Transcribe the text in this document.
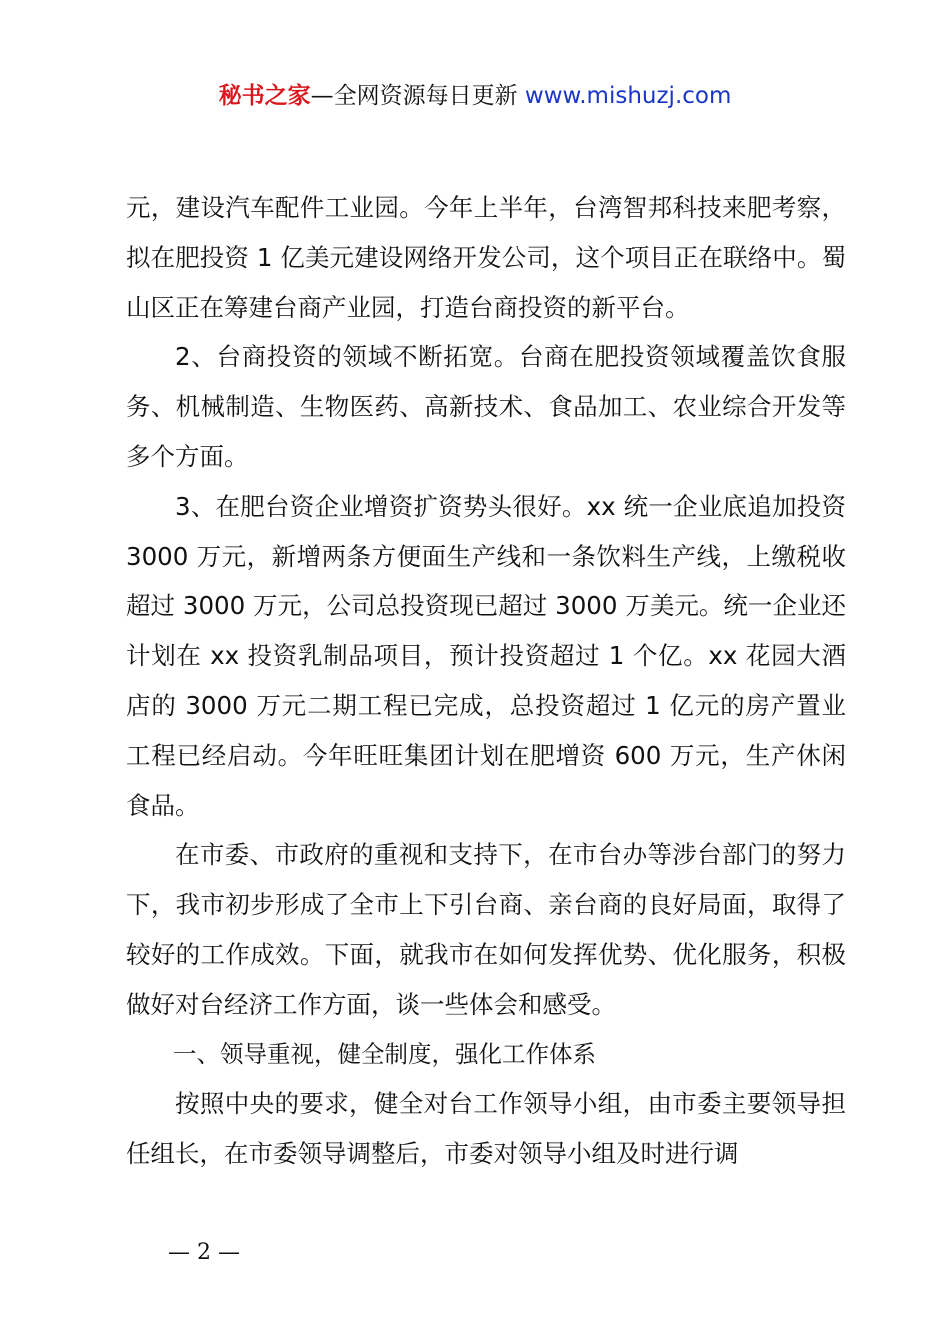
秘书之家—全网资源每日更新 www.mishuzj.com

元，建设汽车配件工业园。今年上半年，台湾智邦科技来肥考察，拟在肥投资 1 亿美元建设网络开发公司，这个项目正在联络中。蜀山区正在筹建台商产业园，打造台商投资的新平台。

2、台商投资的领域不断拓宽。台商在肥投资领域覆盖饮食服务、机械制造、生物医药、高新技术、食品加工、农业综合开发等多个方面。

3、在肥台资企业增资扩资势头很好。xx 统一企业底追加投资 3000 万元，新增两条方便面生产线和一条饮料生产线，上缴税收超过 3000 万元，公司总投资现已超过 3000 万美元。统一企业还计划在 xx 投资乳制品项目，预计投资超过 1 个亿。xx 花园大酒店的 3000 万元二期工程已完成，总投资超过 1 亿元的房产置业工程已经启动。今年旺旺集团计划在肥增资 600 万元，生产休闲食品。

在市委、市政府的重视和支持下，在市台办等涉台部门的努力下，我市初步形成了全市上下引台商、亲台商的良好局面，取得了较好的工作成效。下面，就我市在如何发挥优势、优化服务，积极做好对台经济工作方面，谈一些体会和感受。

一、领导重视，健全制度，强化工作体系

按照中央的要求，健全对台工作领导小组，由市委主要领导担任组长，在市委领导调整后，市委对领导小组及时进行调

— 2 —
